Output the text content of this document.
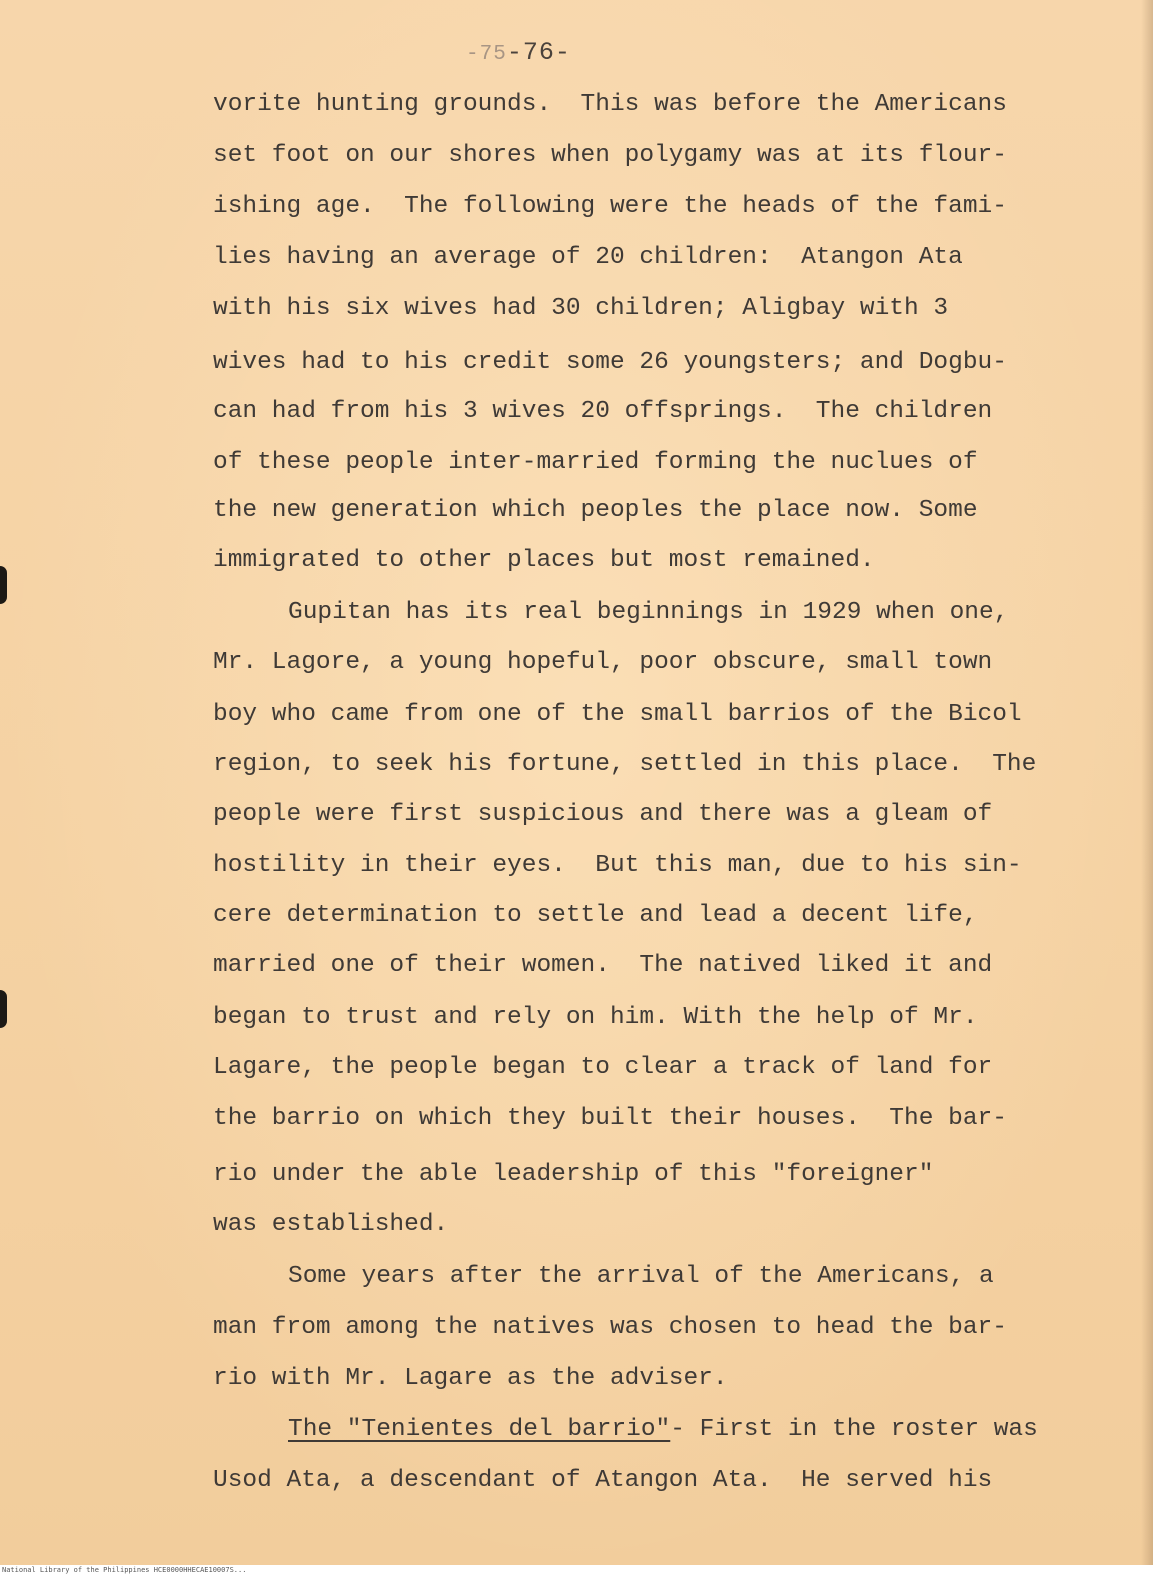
-75-76-
vorite hunting grounds.  This was before the Americans
set foot on our shores when polygamy was at its flour-
ishing age.  The following were the heads of the fami-
lies having an average of 20 children:  Atangon Ata
with his six wives had 30 children; Aligbay with 3
wives had to his credit some 26 youngsters; and Dogbu-
can had from his 3 wives 20 offsprings.  The children
of these people inter-married forming the nuclues of
the new generation which peoples the place now. Some
immigrated to other places but most remained.
Gupitan has its real beginnings in 1929 when one,
Mr. Lagore, a young hopeful, poor obscure, small town
boy who came from one of the small barrios of the Bicol
region, to seek his fortune, settled in this place.  The
people were first suspicious and there was a gleam of
hostility in their eyes.  But this man, due to his sin-
cere determination to settle and lead a decent life,
married one of their women.  The natived liked it and
began to trust and rely on him. With the help of Mr.
Lagare, the people began to clear a track of land for
the barrio on which they built their houses.  The bar-
rio under the able leadership of this "foreigner"
was established.
Some years after the arrival of the Americans, a
man from among the natives was chosen to head the bar-
rio with Mr. Lagare as the adviser.
The "Tenientes del barrio"- First in the roster was
Usod Ata, a descendant of Atangon Ata.  He served his
National Library of the Philippines HCE0000HHECAE10007S...
